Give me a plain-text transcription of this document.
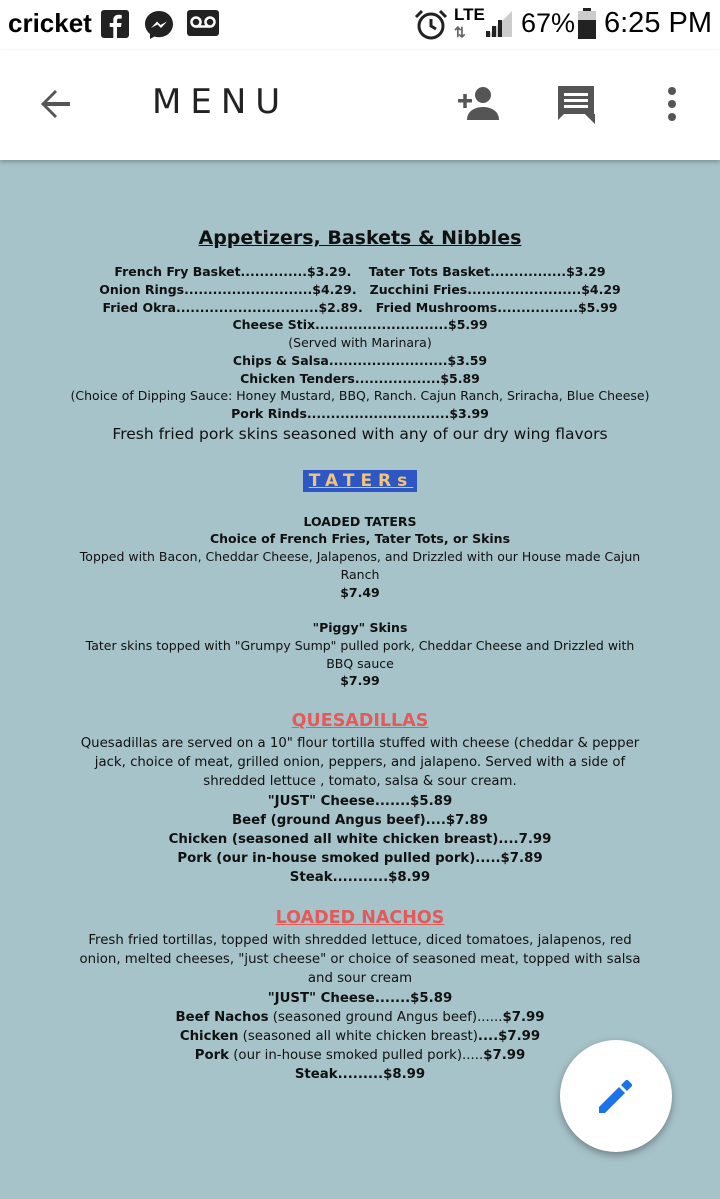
cricket	LTE
⇅	67% 6:25 PM
MENU
Appetizers, Baskets & Nibbles
French Fry Basket..............$3.29.    Tater Tots Basket................$3.29
Onion Rings...........................$4.29.   Zucchini Fries........................$4.29
Fried Okra..............................$2.89.   Fried Mushrooms.................$5.99
Cheese Stix............................$5.99
(Served with Marinara)
Chips & Salsa.........................$3.59
Chicken Tenders..................$5.89
(Choice of Dipping Sauce: Honey Mustard, BBQ, Ranch. Cajun Ranch, Sriracha, Blue Cheese)
Pork Rinds..............................$3.99
Fresh fried pork skins seasoned with any of our dry wing flavors
TATERs
LOADED TATERS
Choice of French Fries, Tater Tots, or Skins
Topped with Bacon, Cheddar Cheese, Jalapenos, and Drizzled with our House made Cajun
Ranch
$7.49
"Piggy" Skins
Tater skins topped with "Grumpy Sump" pulled pork, Cheddar Cheese and Drizzled with
BBQ sauce
$7.99
QUESADILLAS
Quesadillas are served on a 10" flour tortilla stuffed with cheese (cheddar & pepper
jack, choice of meat, grilled onion, peppers, and jalapeno. Served with a side of
shredded lettuce , tomato, salsa & sour cream.
"JUST" Cheese.......$5.89
Beef (ground Angus beef)....$7.89
Chicken (seasoned all white chicken breast)....7.99
Pork (our in-house smoked pulled pork).....$7.89
Steak...........$8.99
LOADED NACHOS
Fresh fried tortillas, topped with shredded lettuce, diced tomatoes, jalapenos, red
onion, melted cheeses, "just cheese" or choice of seasoned meat, topped with salsa
and sour cream
"JUST" Cheese.......$5.89
Beef Nachos (seasoned ground Angus beef)......$7.99
Chicken (seasoned all white chicken breast)....$7.99
Pork (our in-house smoked pulled pork).....$7.99
Steak.........$8.99
